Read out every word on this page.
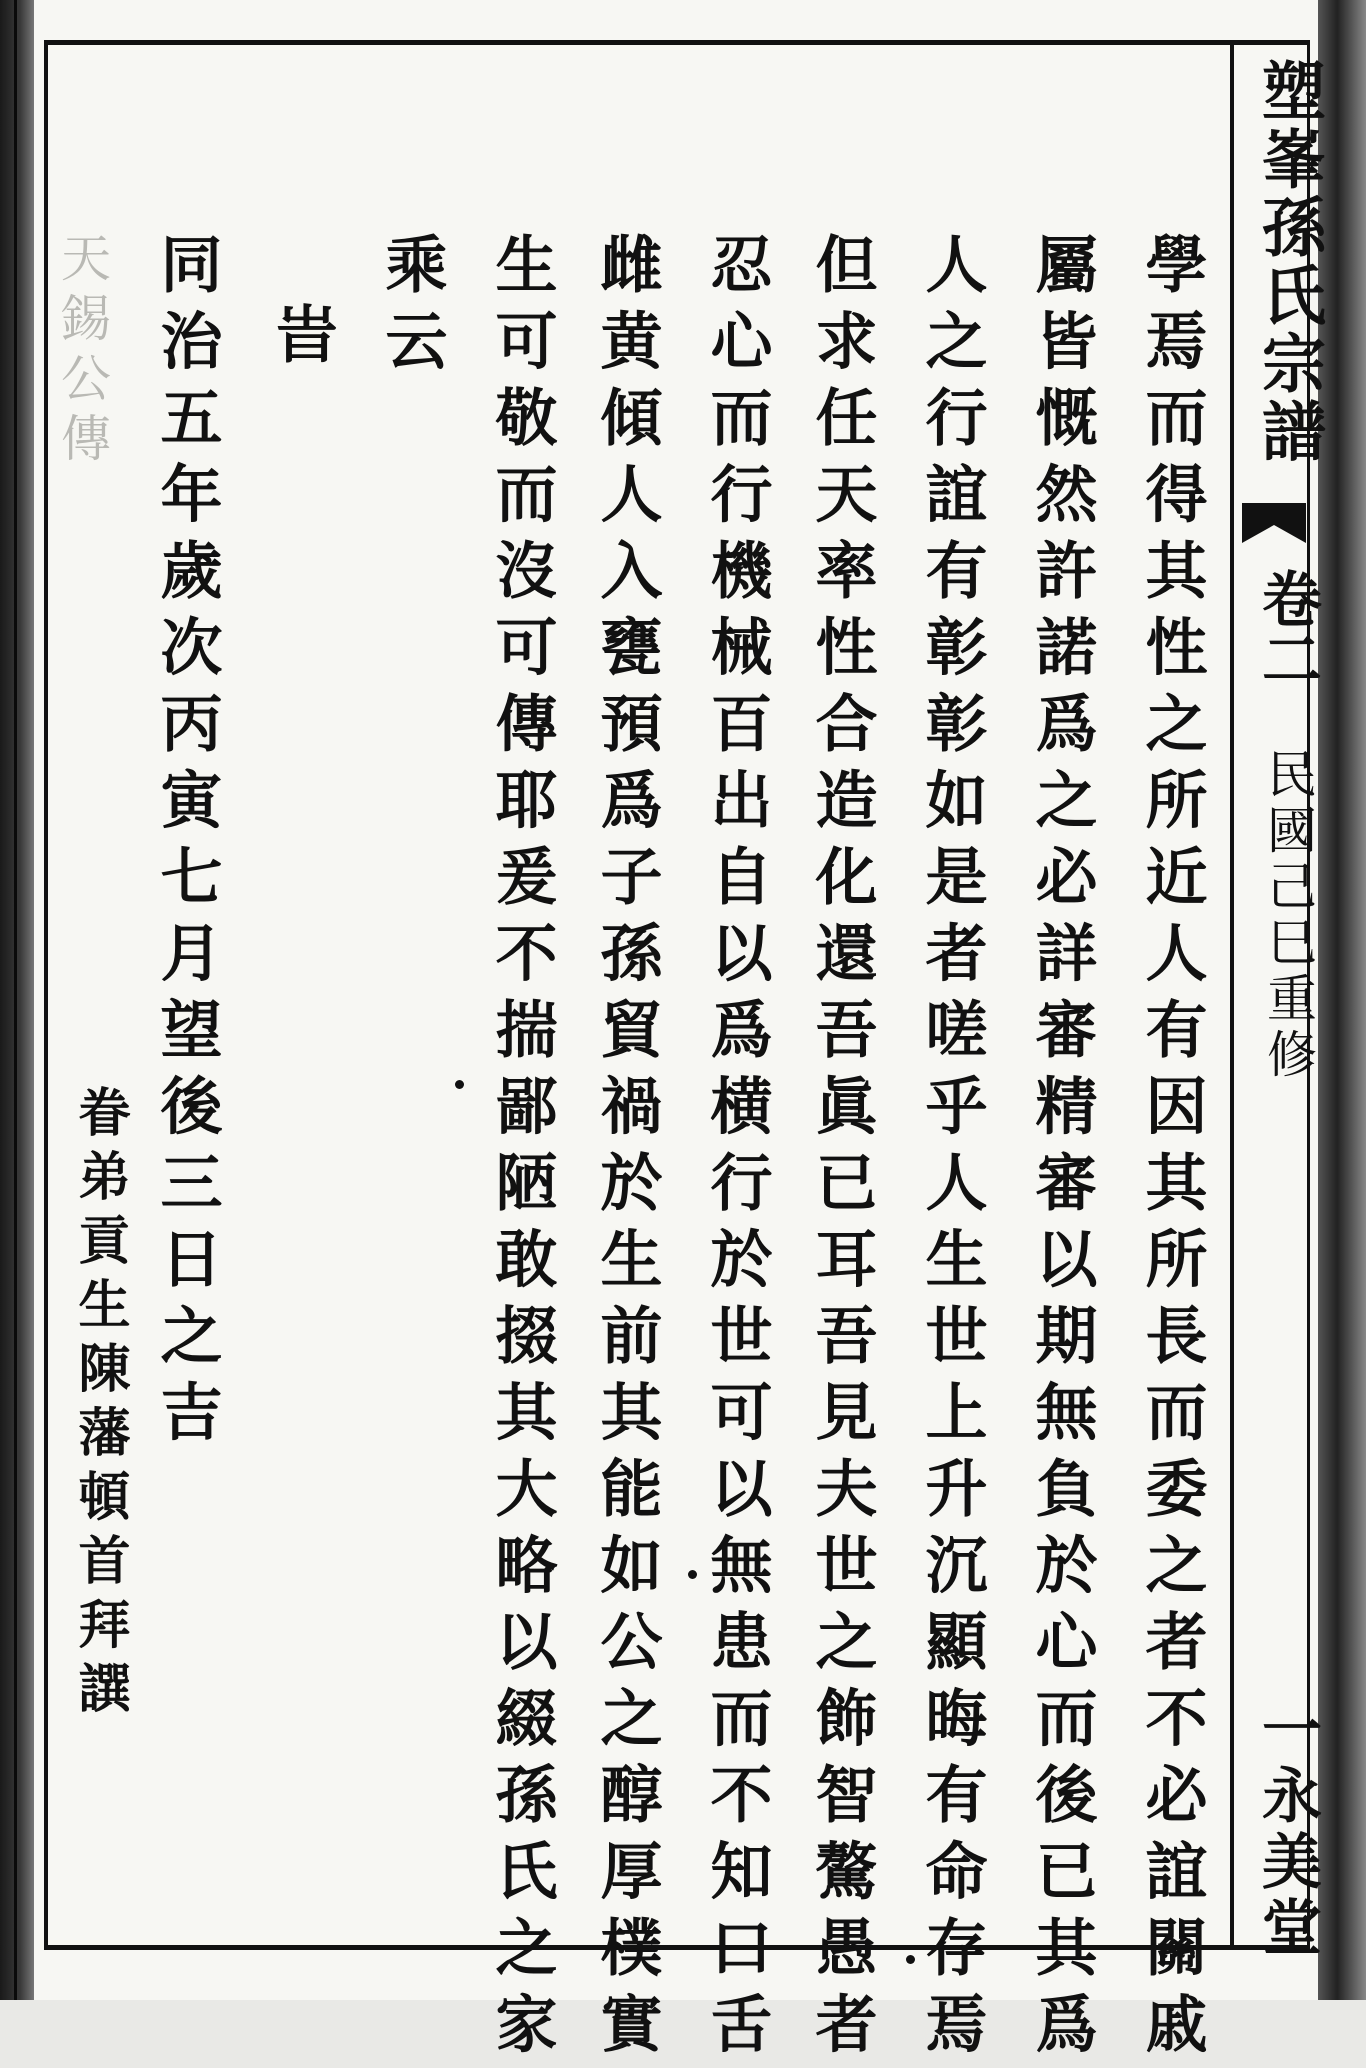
塑峯孫氏宗譜
卷二
民國己巳重修
一永美堂
天錫公傳	學焉而得其性之所近人有因其所長而委之者不必誼關戚
屬皆慨然許諾爲之必詳審精審以期無負於心而後已其爲
人之行誼有彰彰如是者嗟乎人生世上升沉顯晦有命存焉
但求任天率性合造化還吾眞已耳吾見夫世之飾智驁愚者
忍心而行機械百出自以爲横行於世可以無患而不知口舌
雌黄傾人入甕預爲子孫貿禍於生前其能如公之醇厚樸實
生可敬而沒可傳耶爰不揣鄙陋敢掇其大略以綴孫氏之家
乘云
旹
同治五年歲次丙寅七月望後三日之吉
眷弟貢生陳藩頓首拜譔
